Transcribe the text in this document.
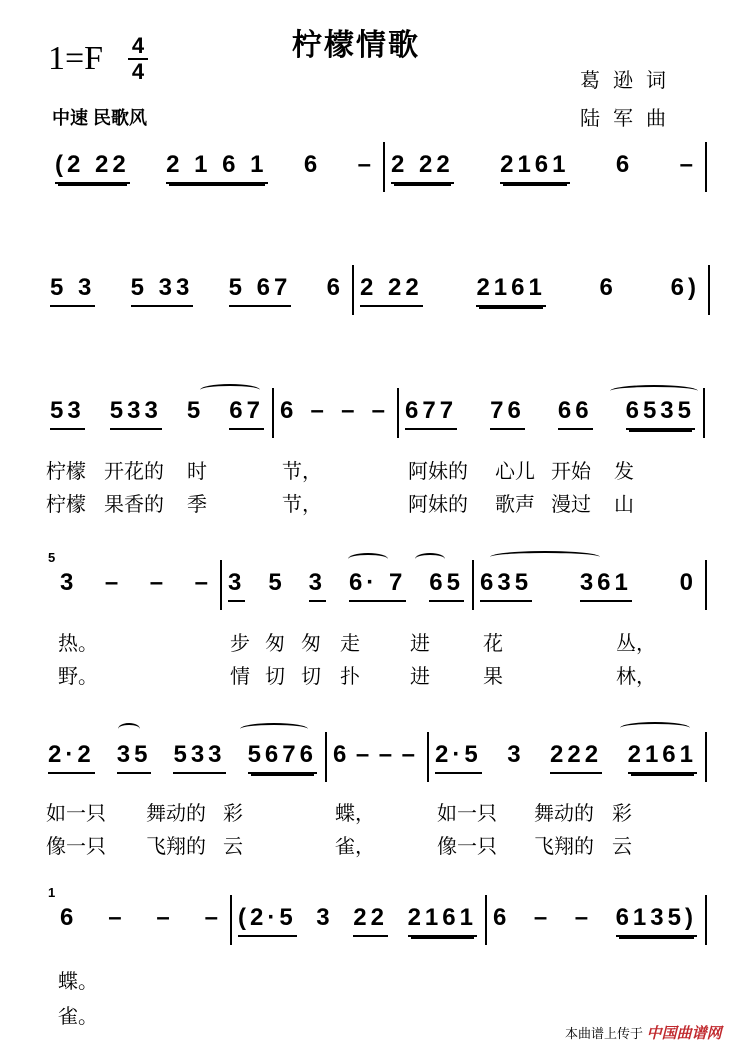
柠檬情歌
1=F 4
4
中速 民歌风
葛逊词
陆军曲
(2 22 2 1 6 1 6 – 2 22 2161 6 –
5 3 5 33 5 67 6 2 22 2161 6 6)
53 533 5 67 6 – – – 677 76 66 6535
5
3 – – – 3 5 3 6· 7 65 635 361 0
2·2 35 533 5676 6 – – – 2·5 3 222 2161
1
6 – – – (2·5 3 22 2161 6 – – 6135)
柠檬 开花的 时	节，	阿妹的 心儿 开始 发
柠檬 果香的 季	节，	阿妹的 歌声 漫过 山
热。	步 匆 匆 走	进	花	丛，
野。	情 切 切 扑	进	果	林，
如一只 舞动的 彩	蝶，	如一只 舞动的 彩
像一只 飞翔的 云	雀，	像一只 飞翔的 云
蝶。
雀。
本曲谱上传于 中国曲谱网
